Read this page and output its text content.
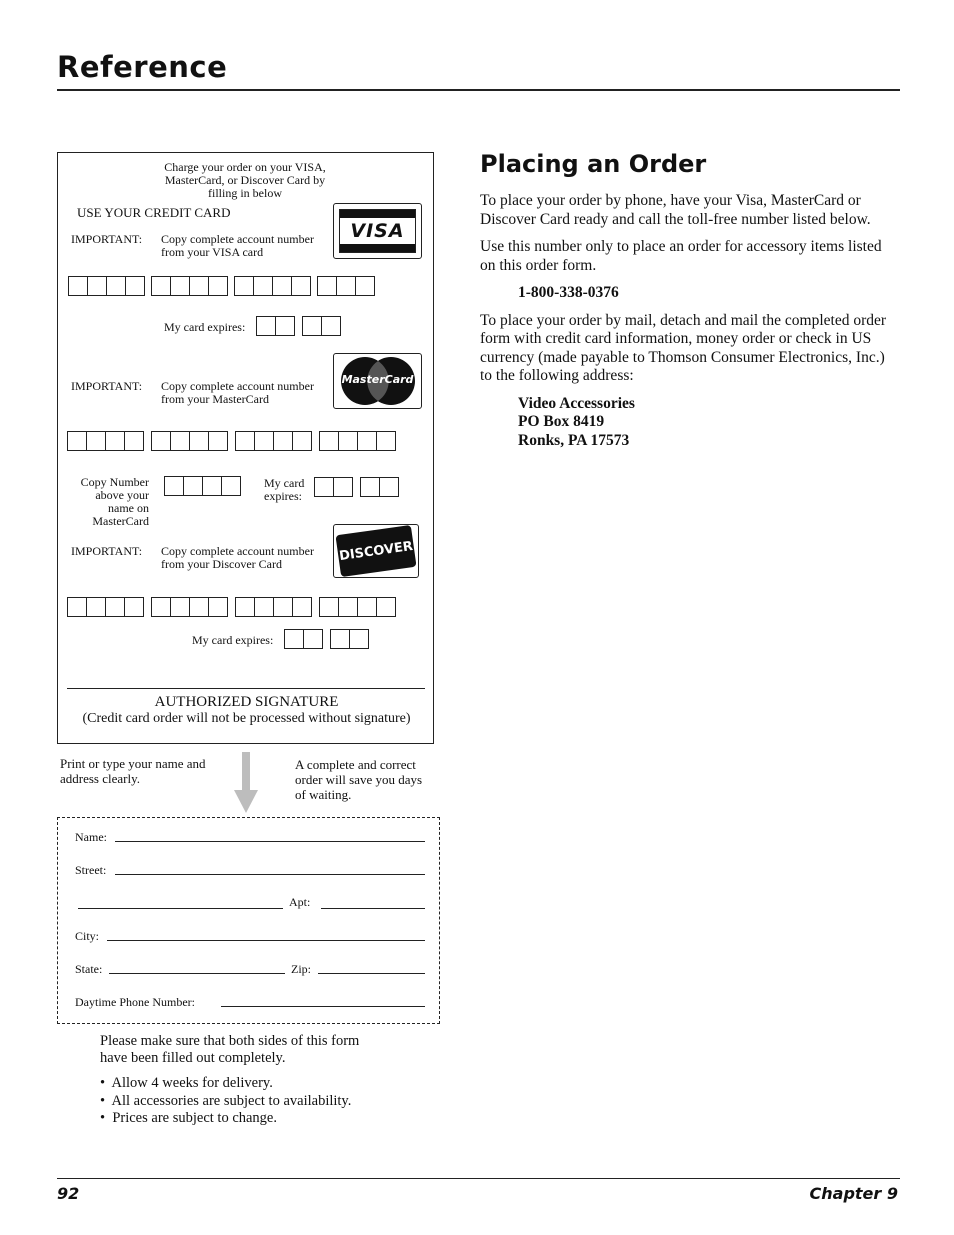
Reference
Charge your order on your VISA,
MasterCard, or Discover Card by
filling in below
USE YOUR CREDIT CARD
VISA
IMPORTANT: Copy complete account number
from your VISA card
My card expires:
MasterCard
IMPORTANT: Copy complete account number
from your MasterCard
Copy Number
above your
name on
MasterCard
My card
expires:
DISCOVER
IMPORTANT: Copy complete account number
from your Discover Card
My card expires:
AUTHORIZED SIGNATURE
(Credit card order will not be processed without signature)
Print or type your name and
address clearly.
A complete and correct
order will save you days
of waiting.
Name:
Street:
Apt:
City:
State:	Zip:
Daytime Phone Number:
Please make sure that both sides of this form
have been filled out completely.
•  Allow 4 weeks for delivery.
•  All accessories are subject to availability.
•  Prices are subject to change.
Placing an Order

To place your order by phone, have your Visa, MasterCard or Discover Card ready and call the toll-free number listed below.

Use this number only to place an order for accessory items listed on this order form.

1-800-338-0376

To place your order by mail, detach and mail the completed order form with credit card information, money order or check in US currency (made payable to Thomson Consumer Electronics, Inc.) to the following address:

Video Accessories
PO Box 8419
Ronks, PA 17573
92	Chapter 9
